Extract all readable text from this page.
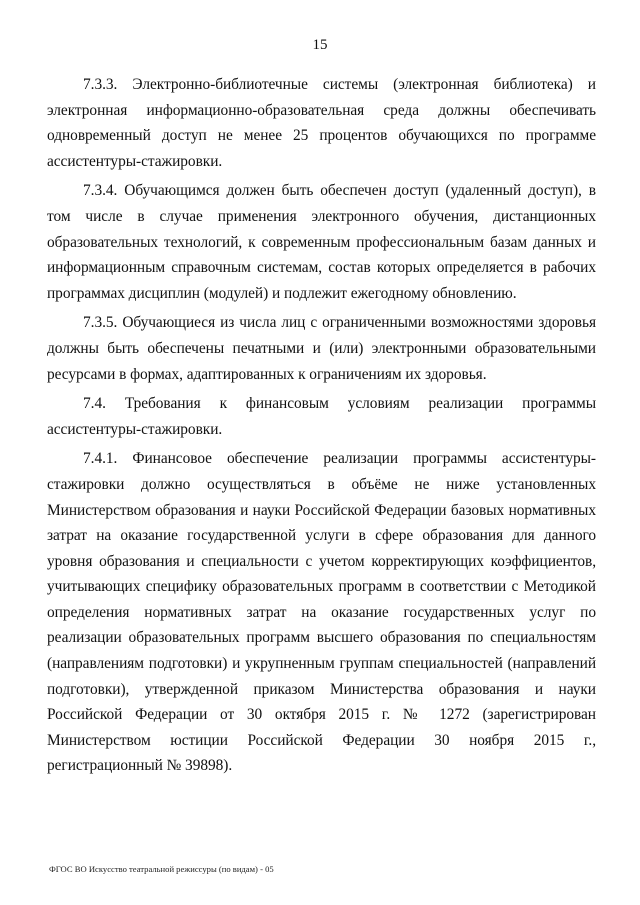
15

7.3.3. Электронно-библиотечные системы (электронная библиотека) и электронная информационно-образовательная среда должны обеспечивать одновременный доступ не менее 25 процентов обучающихся по программе ассистентуры-стажировки.

7.3.4. Обучающимся должен быть обеспечен доступ (удаленный доступ), в том числе в случае применения электронного обучения, дистанционных образовательных технологий, к современным профессиональным базам данных и информационным справочным системам, состав которых определяется в рабочих программах дисциплин (модулей) и подлежит ежегодному обновлению.

7.3.5. Обучающиеся из числа лиц с ограниченными возможностями здоровья должны быть обеспечены печатными и (или) электронными образовательными ресурсами в формах, адаптированных к ограничениям их здоровья.

7.4. Требования к финансовым условиям реализации программы ассистентуры-стажировки.

7.4.1. Финансовое обеспечение реализации программы ассистентуры-стажировки должно осуществляться в объёме не ниже установленных Министерством образования и науки Российской Федерации базовых нормативных затрат на оказание государственной услуги в сфере образования для данного уровня образования и специальности с учетом корректирующих коэффициентов, учитывающих специфику образовательных программ в соответствии с Методикой определения нормативных затрат на оказание государственных услуг по реализации образовательных программ высшего образования по специальностям (направлениям подготовки) и укрупненным группам специальностей (направлений подготовки), утвержденной приказом Министерства образования и науки Российской Федерации от 30 октября 2015 г. № 1272 (зарегистрирован Министерством юстиции Российской Федерации 30 ноября 2015 г., регистрационный № 39898).

ФГОС ВО Искусство театральной режиссуры (по видам) - 05
